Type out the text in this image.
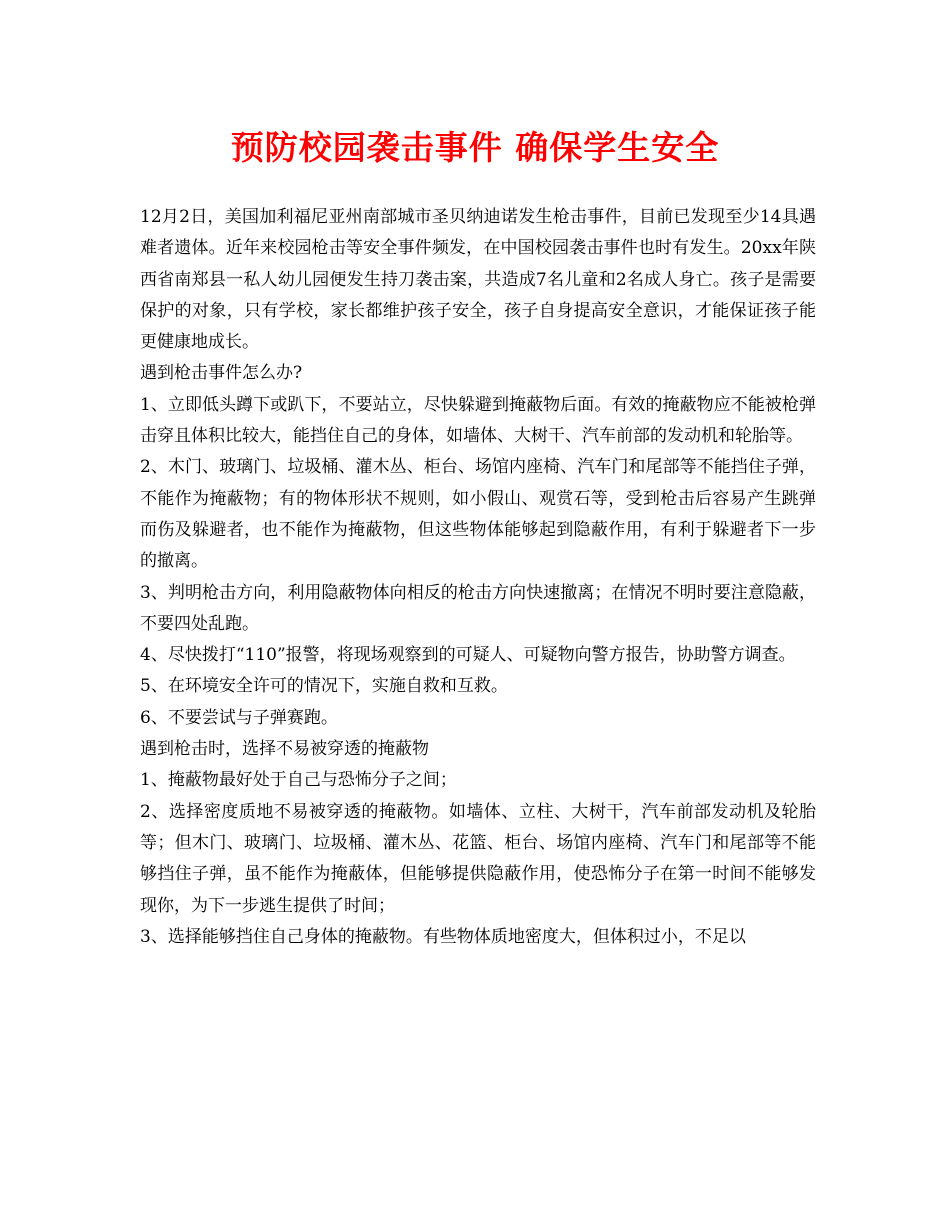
预防校园袭击事件 确保学生安全

12月2日，美国加利福尼亚州南部城市圣贝纳迪诺发生枪击事件，目前已发现至少14具遇难者遗体。近年来校园枪击等安全事件频发，在中国校园袭击事件也时有发生。20xx年陕西省南郑县一私人幼儿园便发生持刀袭击案，共造成7名儿童和2名成人身亡。孩子是需要保护的对象，只有学校，家长都维护孩子安全，孩子自身提高安全意识，才能保证孩子能更健康地成长。

遇到枪击事件怎么办?

1、立即低头蹲下或趴下，不要站立，尽快躲避到掩蔽物后面。有效的掩蔽物应不能被枪弹击穿且体积比较大，能挡住自己的身体，如墙体、大树干、汽车前部的发动机和轮胎等。

2、木门、玻璃门、垃圾桶、灌木丛、柜台、场馆内座椅、汽车门和尾部等不能挡住子弹，不能作为掩蔽物；有的物体形状不规则，如小假山、观赏石等，受到枪击后容易产生跳弹而伤及躲避者，也不能作为掩蔽物，但这些物体能够起到隐蔽作用，有利于躲避者下一步的撤离。

3、判明枪击方向，利用隐蔽物体向相反的枪击方向快速撤离；在情况不明时要注意隐蔽，不要四处乱跑。

4、尽快拨打“110”报警，将现场观察到的可疑人、可疑物向警方报告，协助警方调查。

5、在环境安全许可的情况下，实施自救和互救。

6、不要尝试与子弹赛跑。

遇到枪击时，选择不易被穿透的掩蔽物

1、掩蔽物最好处于自己与恐怖分子之间；

2、选择密度质地不易被穿透的掩蔽物。如墙体、立柱、大树干，汽车前部发动机及轮胎等；但木门、玻璃门、垃圾桶、灌木丛、花篮、柜台、场馆内座椅、汽车门和尾部等不能够挡住子弹，虽不能作为掩蔽体，但能够提供隐蔽作用，使恐怖分子在第一时间不能够发现你，为下一步逃生提供了时间；

3、选择能够挡住自己身体的掩蔽物。有些物体质地密度大，但体积过小，不足以
